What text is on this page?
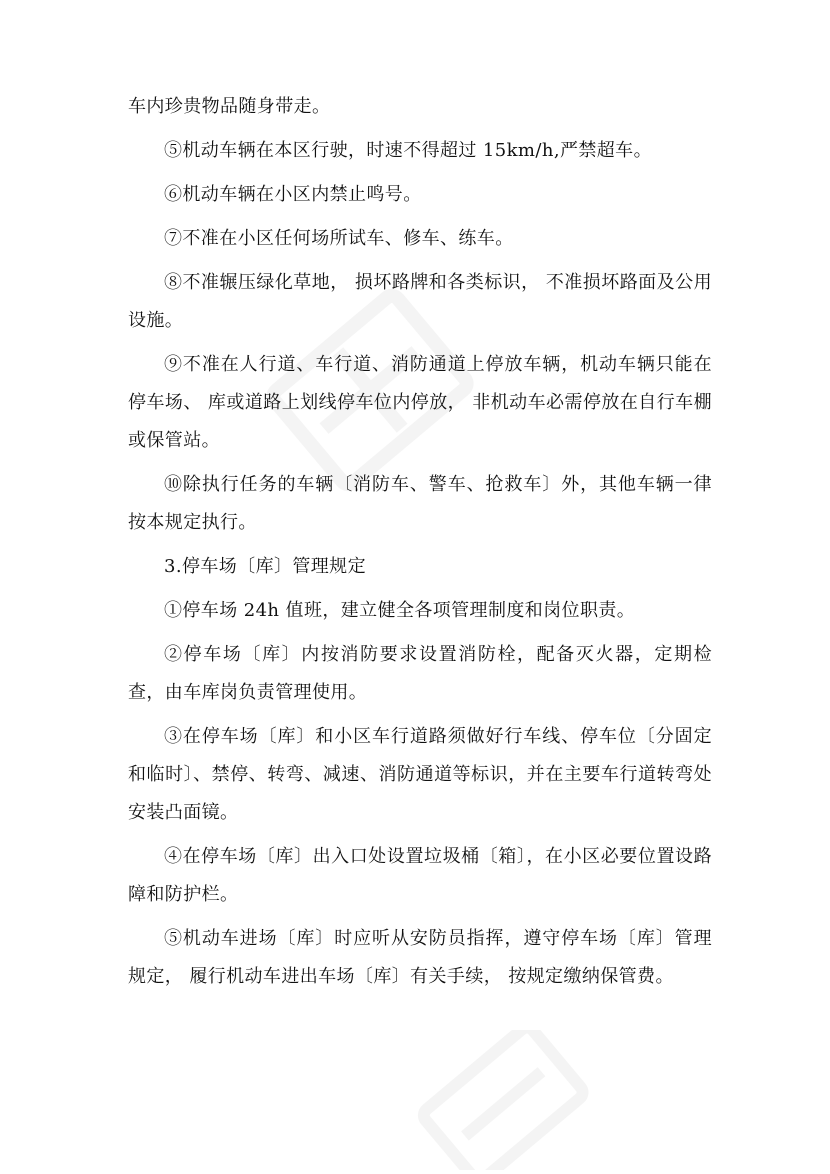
车内珍贵物品随身带走。

⑤机动车辆在本区行驶，时速不得超过 15km/h,严禁超车。

⑥机动车辆在小区内禁止鸣号。

⑦不准在小区任何场所试车、修车、练车。

⑧不准辗压绿化草地， 损坏路牌和各类标识， 不准损坏路面及公用设施。

⑨不准在人行道、车行道、消防通道上停放车辆，机动车辆只能在停车场、 库或道路上划线停车位内停放， 非机动车必需停放在自行车棚或保管站。

⑩除执行任务的车辆〔消防车、警车、抢救车〕外，其他车辆一律按本规定执行。

3.停车场〔库〕管理规定

①停车场 24h 值班，建立健全各项管理制度和岗位职责。

②停车场〔库〕内按消防要求设置消防栓，配备灭火器，定期检查，由车库岗负责管理使用。

③在停车场〔库〕和小区车行道路须做好行车线、停车位〔分固定和临时〕、禁停、转弯、减速、消防通道等标识，并在主要车行道转弯处安装凸面镜。

④在停车场〔库〕出入口处设置垃圾桶〔箱〕，在小区必要位置设路障和防护栏。

⑤机动车进场〔库〕时应听从安防员指挥，遵守停车场〔库〕管理规定， 履行机动车进出车场〔库〕有关手续， 按规定缴纳保管费。
